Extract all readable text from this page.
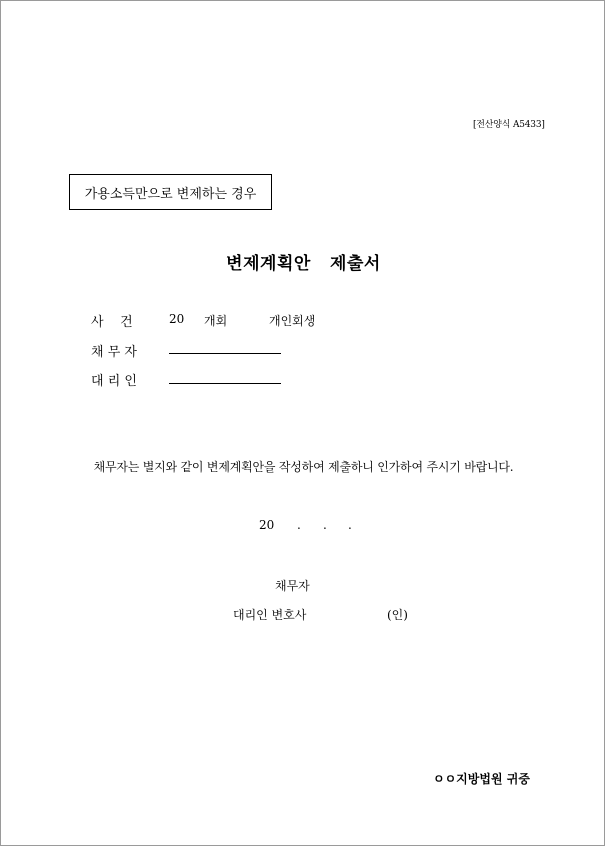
[전산양식 A5433]
가용소득만으로 변제하는 경우
변제계획안   제출서
사    건	20 개회	개인회생
채 무 자
대 리 인
채무자는 별지와 같이 변제계획안을 작성하여 제출하니 인가하여 주시기 바랍니다.
20 . . .
채무자
대리인 변호사	(인)
ㅇㅇ지방법원 귀중
